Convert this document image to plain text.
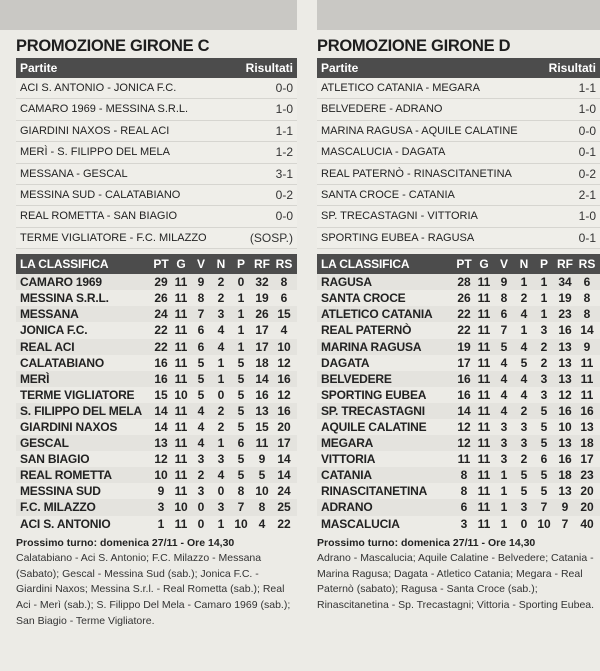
PROMOZIONE GIRONE C
Partite	Risultati
ACI S. ANTONIO - JONICA F.C.	0-0
CAMARO 1969 - MESSINA S.R.L.	1-0
GIARDINI NAXOS - REAL ACI	1-1
MERÌ - S. FILIPPO DEL MELA	1-2
MESSANA - GESCAL	3-1
MESSINA SUD - CALATABIANO	0-2
REAL ROMETTA - SAN BIAGIO	0-0
TERME VIGLIATORE - F.C. MILAZZO	(SOSP.)
LA CLASSIFICA	PT G V N P RF RS
CAMARO 1969	29 11 9	2	0 32 8
MESSINA S.R.L.	26 11 8	2	1 19 6
MESSANA	24 11 7	3	1 26 15
JONICA F.C.	22 11 6	4	1 17 4
REAL ACI	22 11 6	4	1 17 10
CALATABIANO	16 11 5	1	5 18 12
MERÌ	16 11 5	1	5 14 16
TERME VIGLIATORE	15 10 5	0	5 16 12
S. FILIPPO DEL MELA	14 11 4	2	5 13 16
GIARDINI NAXOS	14 11 4	2	5 15 20
GESCAL	13 11 4	1	6 11 17
SAN BIAGIO	12 11 3	3	5	9 14
REAL ROMETTA	10 11 2	4	5	5 14
MESSINA SUD	9 11 3	0	8 10 24
F.C. MILAZZO	3 10 0	3	7	8 25
ACI S. ANTONIO	1 11 0	1 10 4 22
Prossimo turno: domenica 27/11 - Ore 14,30
Calatabiano - Aci S. Antonio; F.C. Milazzo - Messana (Sabato); Gescal - Messina Sud (sab.); Jonica F.C. - Giardini Naxos; Messina S.r.l. - Real Rometta (sab.); Real Aci - Merì (sab.); S. Filippo Del Mela - Camaro 1969 (sab.); San Biagio - Terme Vigliatore.
PROMOZIONE GIRONE D
Partite	Risultati
ATLETICO CATANIA - MEGARA	1-1
BELVEDERE - ADRANO	1-0
MARINA RAGUSA - AQUILE CALATINE	0-0
MASCALUCIA - DAGATA	0-1
REAL PATERNÒ - RINASCITANETINA	0-2
SANTA CROCE - CATANIA	2-1
SP. TRECASTAGNI - VITTORIA	1-0
SPORTING EUBEA - RAGUSA	0-1
LA CLASSIFICA	PT G V N P RF RS
RAGUSA	28 11 9	1	1 34 6
SANTA CROCE	26 11 8	2	1 19 8
ATLETICO CATANIA	22 11 6	4	1 23 8
REAL PATERNÒ	22 11 7	1	3 16 14
MARINA RAGUSA	19 11 5	4	2 13 9
DAGATA	17 11 4	5	2 13 11
BELVEDERE	16 11 4	4	3 13 11
SPORTING EUBEA	16 11 4	4	3 12 11
SP. TRECASTAGNI	14 11 4	2	5 16 16
AQUILE CALATINE	12 11 3	3	5 10 13
MEGARA	12 11 3	3	5 13 18
VITTORIA	11 11 3	2	6 16 17
CATANIA	8 11 1	5	5 18 23
RINASCITANETINA	8 11 1	5	5 13 20
ADRANO	6 11 1	3	7	9 20
MASCALUCIA	3 11 1	0 10 7 40
Prossimo turno: domenica 27/11 - Ore 14,30
Adrano - Mascalucia; Aquile Calatine - Belvedere; Catania - Marina Ragusa; Dagata - Atletico Catania; Megara - Real Paternò (sabato); Ragusa - Santa Croce (sab.); Rinascitanetina - Sp. Trecastagni; Vittoria - Sporting Eubea.
